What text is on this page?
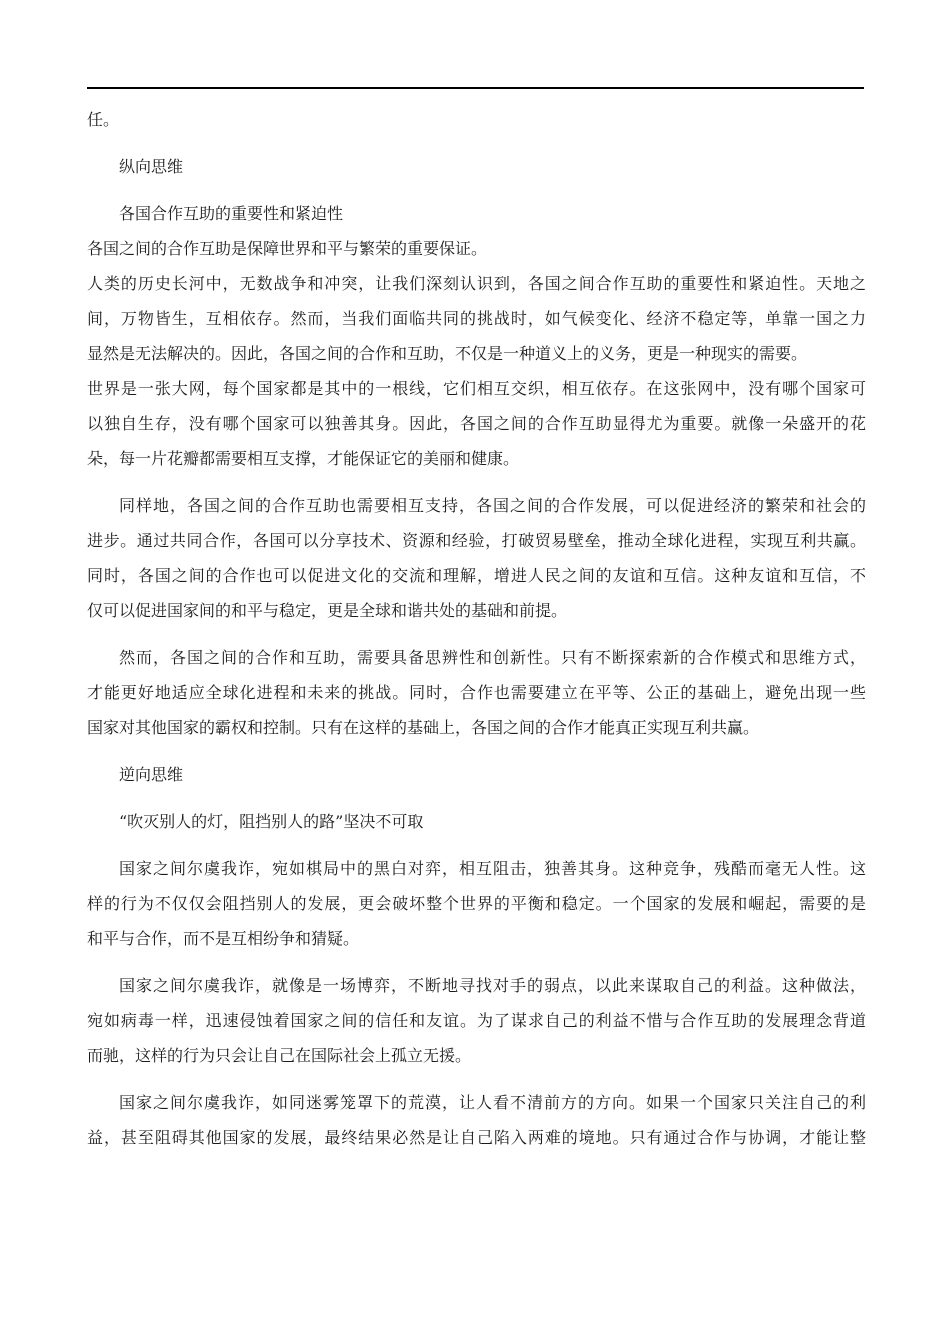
任。

纵向思维

各国合作互助的重要性和紧迫性

各国之间的合作互助是保障世界和平与繁荣的重要保证。

人类的历史长河中，无数战争和冲突，让我们深刻认识到，各国之间合作互助的重要性和紧迫性。天地之
间，万物皆生，互相依存。然而，当我们面临共同的挑战时，如气候变化、经济不稳定等，单靠一国之力
显然是无法解决的。因此，各国之间的合作和互助，不仅是一种道义上的义务，更是一种现实的需要。

世界是一张大网，每个国家都是其中的一根线，它们相互交织，相互依存。在这张网中，没有哪个国家可
以独自生存，没有哪个国家可以独善其身。因此，各国之间的合作互助显得尤为重要。就像一朵盛开的花
朵，每一片花瓣都需要相互支撑，才能保证它的美丽和健康。

同样地，各国之间的合作互助也需要相互支持，各国之间的合作发展，可以促进经济的繁荣和社会的
进步。通过共同合作，各国可以分享技术、资源和经验，打破贸易壁垒，推动全球化进程，实现互利共赢。
同时，各国之间的合作也可以促进文化的交流和理解，增进人民之间的友谊和互信。这种友谊和互信，不
仅可以促进国家间的和平与稳定，更是全球和谐共处的基础和前提。

然而，各国之间的合作和互助，需要具备思辨性和创新性。只有不断探索新的合作模式和思维方式，
才能更好地适应全球化进程和未来的挑战。同时，合作也需要建立在平等、公正的基础上，避免出现一些
国家对其他国家的霸权和控制。只有在这样的基础上，各国之间的合作才能真正实现互利共赢。

逆向思维

“吹灭别人的灯，阻挡别人的路”坚决不可取

国家之间尔虞我诈，宛如棋局中的黑白对弈，相互阻击，独善其身。这种竞争，残酷而毫无人性。这
样的行为不仅仅会阻挡别人的发展，更会破坏整个世界的平衡和稳定。一个国家的发展和崛起，需要的是
和平与合作，而不是互相纷争和猜疑。

国家之间尔虞我诈，就像是一场博弈，不断地寻找对手的弱点，以此来谋取自己的利益。这种做法，
宛如病毒一样，迅速侵蚀着国家之间的信任和友谊。为了谋求自己的利益不惜与合作互助的发展理念背道
而驰，这样的行为只会让自己在国际社会上孤立无援。

国家之间尔虞我诈，如同迷雾笼罩下的荒漠，让人看不清前方的方向。如果一个国家只关注自己的利
益，甚至阻碍其他国家的发展，最终结果必然是让自己陷入两难的境地。只有通过合作与协调，才能让整
